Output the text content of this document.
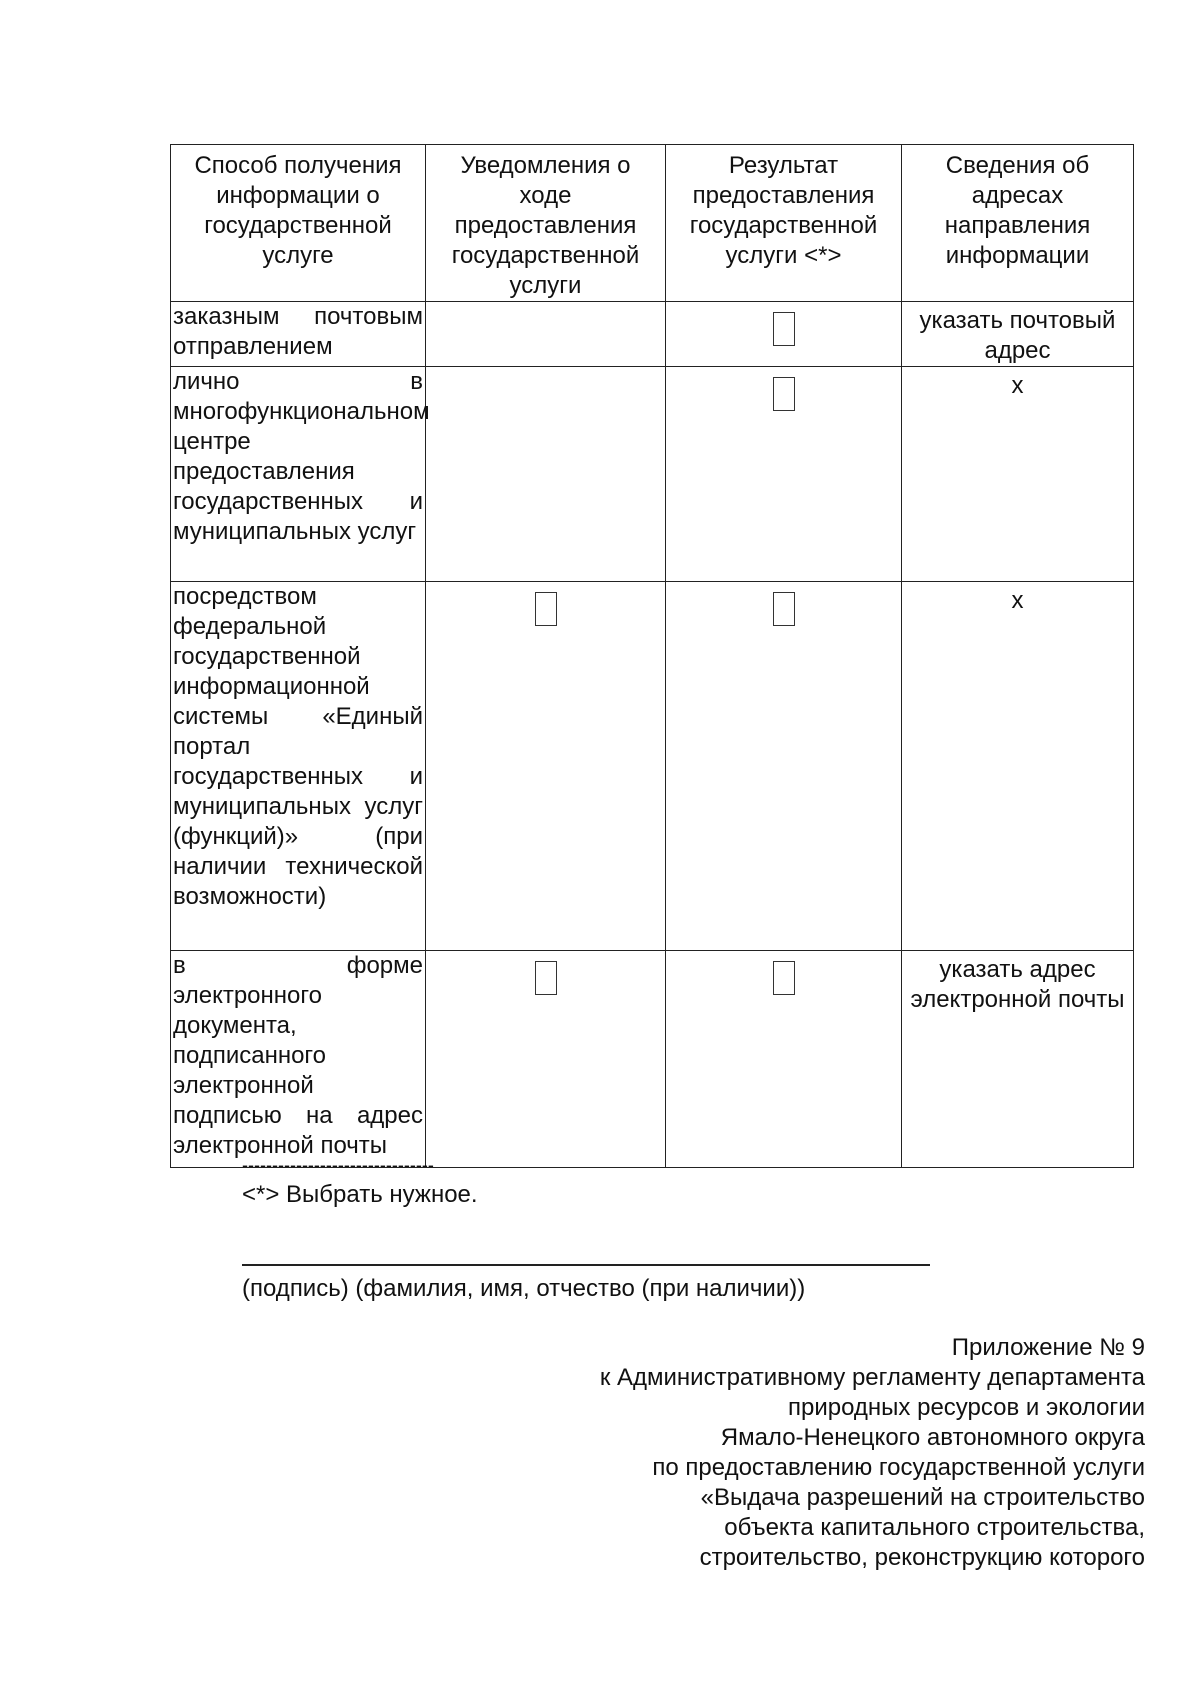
Способ получения информации о государственной услуге	Уведомления о ходе предоставления государственной услуги	Результат предоставления государственной услуги <*>	Сведения об адресах направления информации
заказным почтовым отправлением			указать почтовый адрес
лично в многофункциональном центре предоставления государственных и муниципальных услуг			x
посредством федеральной государственной информационной системы «Единый портал государственных и муниципальных услуг (функций)» (при наличии технической возможности)			x
в форме электронного документа, подписанного электронной подписью на адрес электронной почты			указать адрес электронной почты
--------------------------------
<*> Выбрать нужное.
(подпись) (фамилия, имя, отчество (при наличии))
Приложение № 9
к Административному регламенту департамента
природных ресурсов и экологии
Ямало-Ненецкого автономного округа
по предоставлению государственной услуги
«Выдача разрешений на строительство
объекта капитального строительства,
строительство, реконструкцию которого
